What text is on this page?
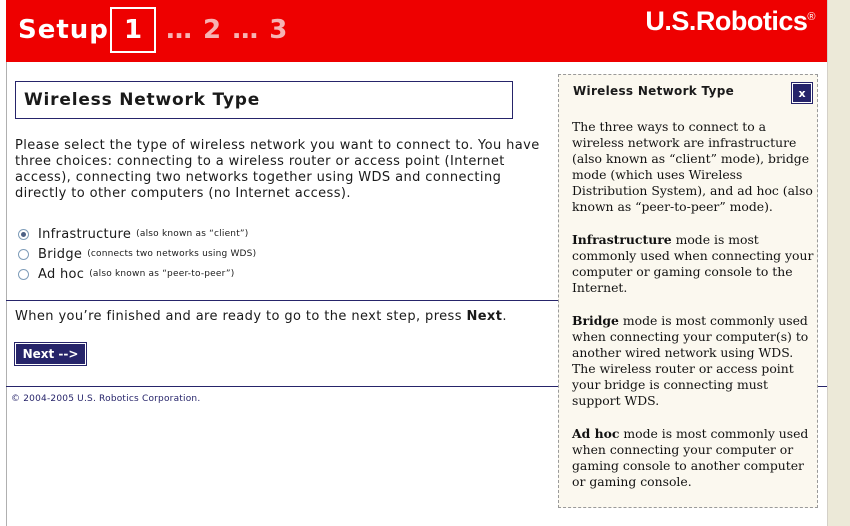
Setup 1 … 2 … 3	U.S.Robotics®
Wireless Network Type
Please select the type of wireless network you want to connect to. You have three choices: connecting to a wireless router or access point (Internet access), connecting two networks together using WDS and connecting directly to other computers (no Internet access).
Infrastructure (also known as “client”)
Bridge (connects two networks using WDS)
Ad hoc (also known as “peer-to-peer”)
When you’re finished and are ready to go to the next step, press Next.
Next -->
© 2004-2005 U.S. Robotics Corporation.
Wireless Network Type	x

The three ways to connect to a wireless network are infrastructure (also known as “client” mode), bridge mode (which uses Wireless Distribution System), and ad hoc (also known as “peer-to-peer” mode).

Infrastructure mode is most commonly used when connecting your computer or gaming console to the Internet.

Bridge mode is most commonly used when connecting your computer(s) to another wired network using WDS. The wireless router or access point your bridge is connecting must support WDS.

Ad hoc mode is most commonly used when connecting your computer or gaming console to another computer or gaming console.
